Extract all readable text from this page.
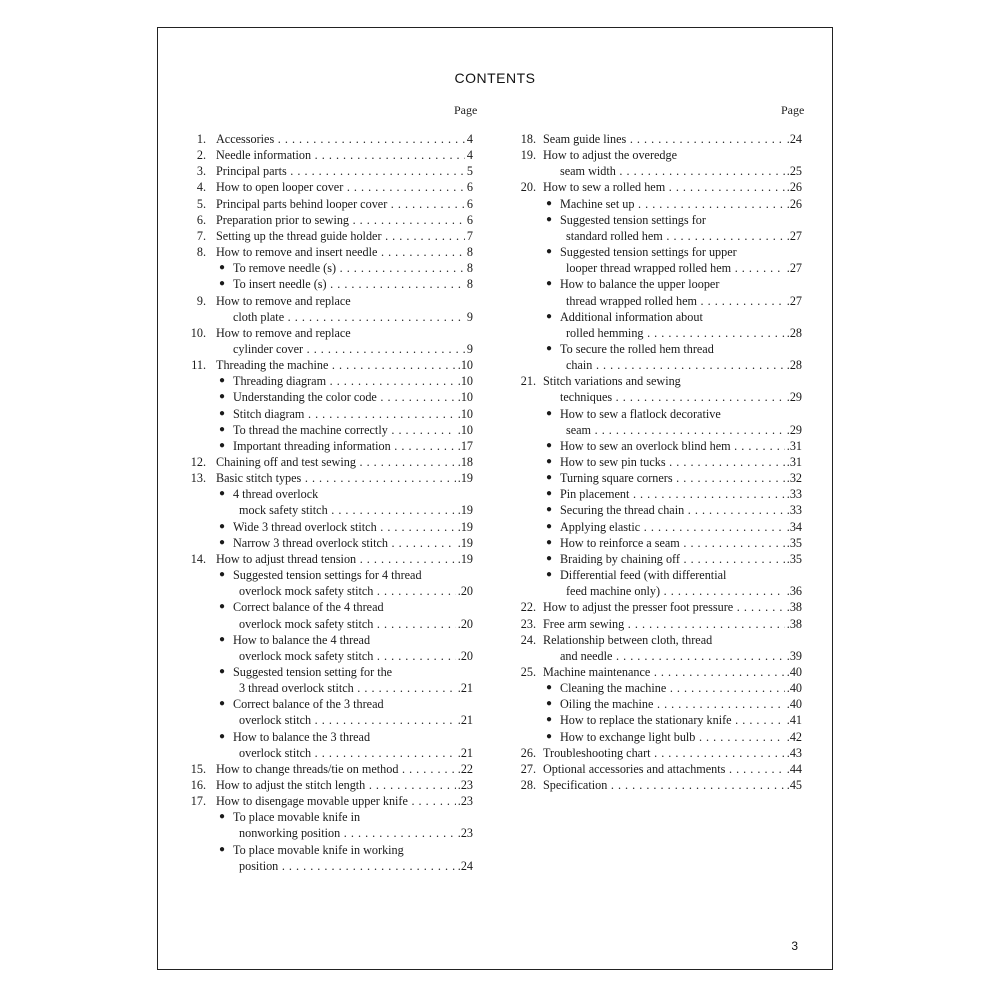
CONTENTS
Page	Page
1. Accessories . . .	4
2. Needle information . . .	4
3. Principal parts . . .	5
4. How to open looper cover . . .	6
5. Principal parts behind looper cover . . .	6
6. Preparation prior to sewing . . .	6
7. Setting up the thread guide holder . . .	7
8. How to remove and insert needle . . .	8
● To remove needle (s) . . .	8
● To insert needle (s) . . .	8
9. How to remove and replace
cloth plate . . .	9
10. How to remove and replace
cylinder cover . . .	9
11. Threading the machine . . .	.10
● Threading diagram . . .	.10
● Understanding the color code . . .	.10
● Stitch diagram . . .	.10
● To thread the machine correctly . . .	.10
● Important threading information . . .	.17
12. Chaining off and test sewing . . .	.18
13. Basic stitch types . . .	.19
● 4 thread overlock
mock safety stitch . . .	.19
● Wide 3 thread overlock stitch . . .	.19
● Narrow 3 thread overlock stitch . . .	.19
14. How to adjust thread tension . . .	.19
● Suggested tension settings for 4 thread
overlock mock safety stitch . . .	.20
● Correct balance of the 4 thread
overlock mock safety stitch . . .	.20
● How to balance the 4 thread
overlock mock safety stitch . . .	.20
● Suggested tension setting for the
3 thread overlock stitch . . .	.21
● Correct balance of the 3 thread
overlock stitch . . .	.21
● How to balance the 3 thread
overlock stitch . . .	.21
15. How to change threads/tie on method . . .	.22
16. How to adjust the stitch length . . .	.23
17. How to disengage movable upper knife . . .	.23
● To place movable knife in
nonworking position . . .	.23
● To place movable knife in working
position . . .	.24
18. Seam guide lines . . .	.24
19. How to adjust the overedge
seam width . . .	.25
20. How to sew a rolled hem . . .	.26
● Machine set up . . .	.26
● Suggested tension settings for
standard rolled hem . . .	.27
● Suggested tension settings for upper
looper thread wrapped rolled hem . . .	.27
● How to balance the upper looper
thread wrapped rolled hem . . .	.27
● Additional information about
rolled hemming . . .	.28
● To secure the rolled hem thread
chain . . .	.28
21. Stitch variations and sewing
techniques . . .	.29
● How to sew a flatlock decorative
seam . . .	.29
● How to sew an overlock blind hem . . .	.31
● How to sew pin tucks . . .	.31
● Turning square corners . . .	.32
● Pin placement . . .	.33
● Securing the thread chain . . .	.33
● Applying elastic . . .	.34
● How to reinforce a seam . . .	.35
● Braiding by chaining off . . .	.35
● Differential feed (with differential
feed machine only) . . .	.36
22. How to adjust the presser foot pressure . . .	.38
23. Free arm sewing . . .	.38
24. Relationship between cloth, thread
and needle . . .	.39
25. Machine maintenance . . .	.40
● Cleaning the machine . . .	.40
● Oiling the machine . . .	.40
● How to replace the stationary knife . . .	.41
● How to exchange light bulb . . .	.42
26. Troubleshooting chart . . .	.43
27. Optional accessories and attachments . . .	.44
28. Specification . . .	.45
3
